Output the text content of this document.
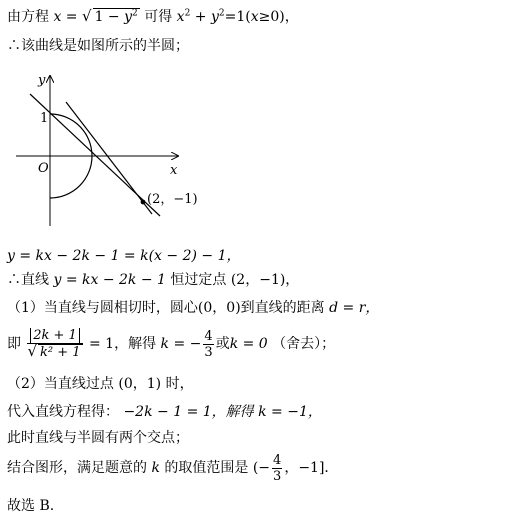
由方程 x = √ $1 - y^2$ 可得 $x^2 + y^2=1(x\ge 0)$，
∴该曲线是如图所示的半圆；
y
x
O
1
(2，−1)
y = kx − 2k − 1 = k(x − 2) − 1，
∴直线 y = kx − 2k − 1 恒过定点 (2，−1)，
（1）当直线与圆相切时，圆心(0，0)到直线的距离 d = r，
即 $\frac{2k + 1}{\text{√ k² + 1}} = 1$，解得 k = − $\frac{4}{3}$ 或k = 0 （舍去）；
（2）当直线过点 (0，1) 时，
代入直线方程得： −2k − 1 = 1，解得 k = −1，
此时直线与半圆有两个交点；
结合图形，满足题意的 k 的取值范围是 (− $\frac{4}{3}$ ，−1]．
故选 B.
